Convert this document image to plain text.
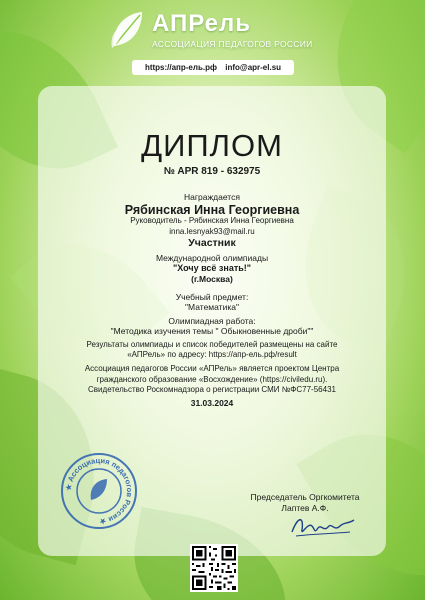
АПРель
АССОЦИАЦИЯ ПЕДАГОГОВ РОССИИ
https://апр-ель.рф info@apr-el.su
ДИПЛОМ
№ APR 819 - 632975
Награждается
Рябинская Инна Георгиевна
Руководитель - Рябинская Инна Георгиевна
inna.lesnyak93@mail.ru
Участник
Международной олимпиады
"Хочу всё знать!"
(г.Москва)
Учебный предмет:
"Математика"
Олимпиадная работа:
"Методика изучения темы " Обыкновенные дроби""
Результаты олимпиады и список победителей размещены на сайте
«АПРель» по адресу: https://апр-ель.рф/result
Ассоциация педагогов России «АПРель» является проектом Центра
гражданского образование «Восхождение» (https://civiledu.ru).
Свидетельство Роскомнадзора о регистрации СМИ №ФС77-56431
31.03.2024
★ Ассоциация педагогов России ★
Председатель Оргкомитета
Лаптев А.Ф.
